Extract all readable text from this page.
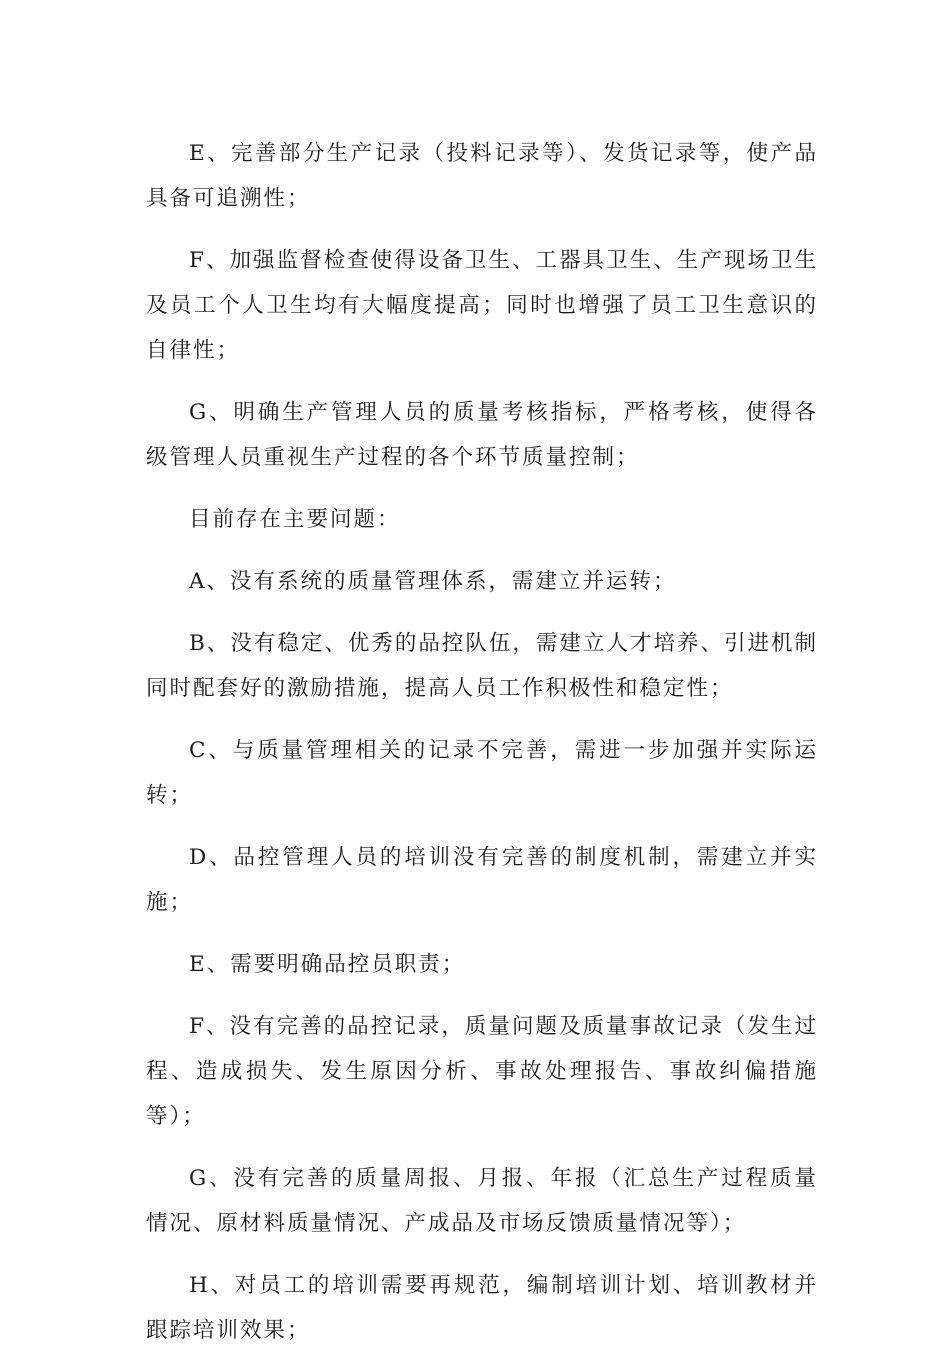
E、完善部分生产记录（投料记录等）、发货记录等，使产品具备可追溯性；

F、加强监督检查使得设备卫生、工器具卫生、生产现场卫生及员工个人卫生均有大幅度提高；同时也增强了员工卫生意识的自律性；

G、明确生产管理人员的质量考核指标，严格考核，使得各级管理人员重视生产过程的各个环节质量控制；

目前存在主要问题：

A、没有系统的质量管理体系，需建立并运转；

B、没有稳定、优秀的品控队伍，需建立人才培养、引进机制同时配套好的激励措施，提高人员工作积极性和稳定性；

C、与质量管理相关的记录不完善，需进一步加强并实际运转；

D、品控管理人员的培训没有完善的制度机制，需建立并实施；

E、需要明确品控员职责；

F、没有完善的品控记录，质量问题及质量事故记录（发生过程、造成损失、发生原因分析、事故处理报告、事故纠偏措施等）；

G、没有完善的质量周报、月报、年报（汇总生产过程质量情况、原材料质量情况、产成品及市场反馈质量情况等）；

H、对员工的培训需要再规范，编制培训计划、培训教材并跟踪培训效果；
